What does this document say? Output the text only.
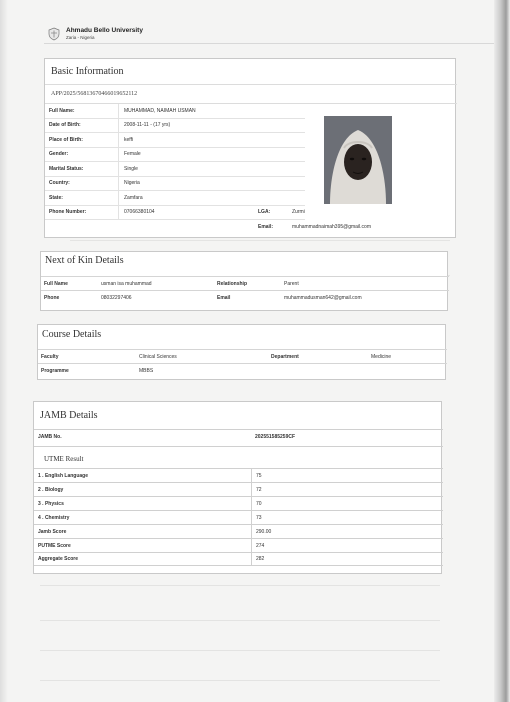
Ahmadu Bello University
Zaria - Nigeria
Basic Information
APP/2025/56813670466019652112
Full Name:	MUHAMMAD, NAIMAH USMAN
Date of Birth:	2008-11-11 - (17 yrs)
Place of Birth:	keffi
Gender:	Female
Marital Status:	Single
Country:	Nigeria
State:	Zamfara
Phone Number:	07066380104	LGA:	Zurmi
Email:	muhammadnaimah395@gmail.com
Next of Kin Details
Full Name	usman isa muhammad	Relationship	Parent
Phone	08032297406	Email	muhammadusman642@gmail.com
Course Details
Faculty	Clinical Sciences	Department	Medicine
Programme	MBBS
JAMB Details
JAMB No.	202551585259CF
UTME Result
1 . English Language	75
2 . Biology	72
3 . Physics	70
4 . Chemistry	73
Jamb Score	290.00
PUTME Score	274
Aggregate Score	282
